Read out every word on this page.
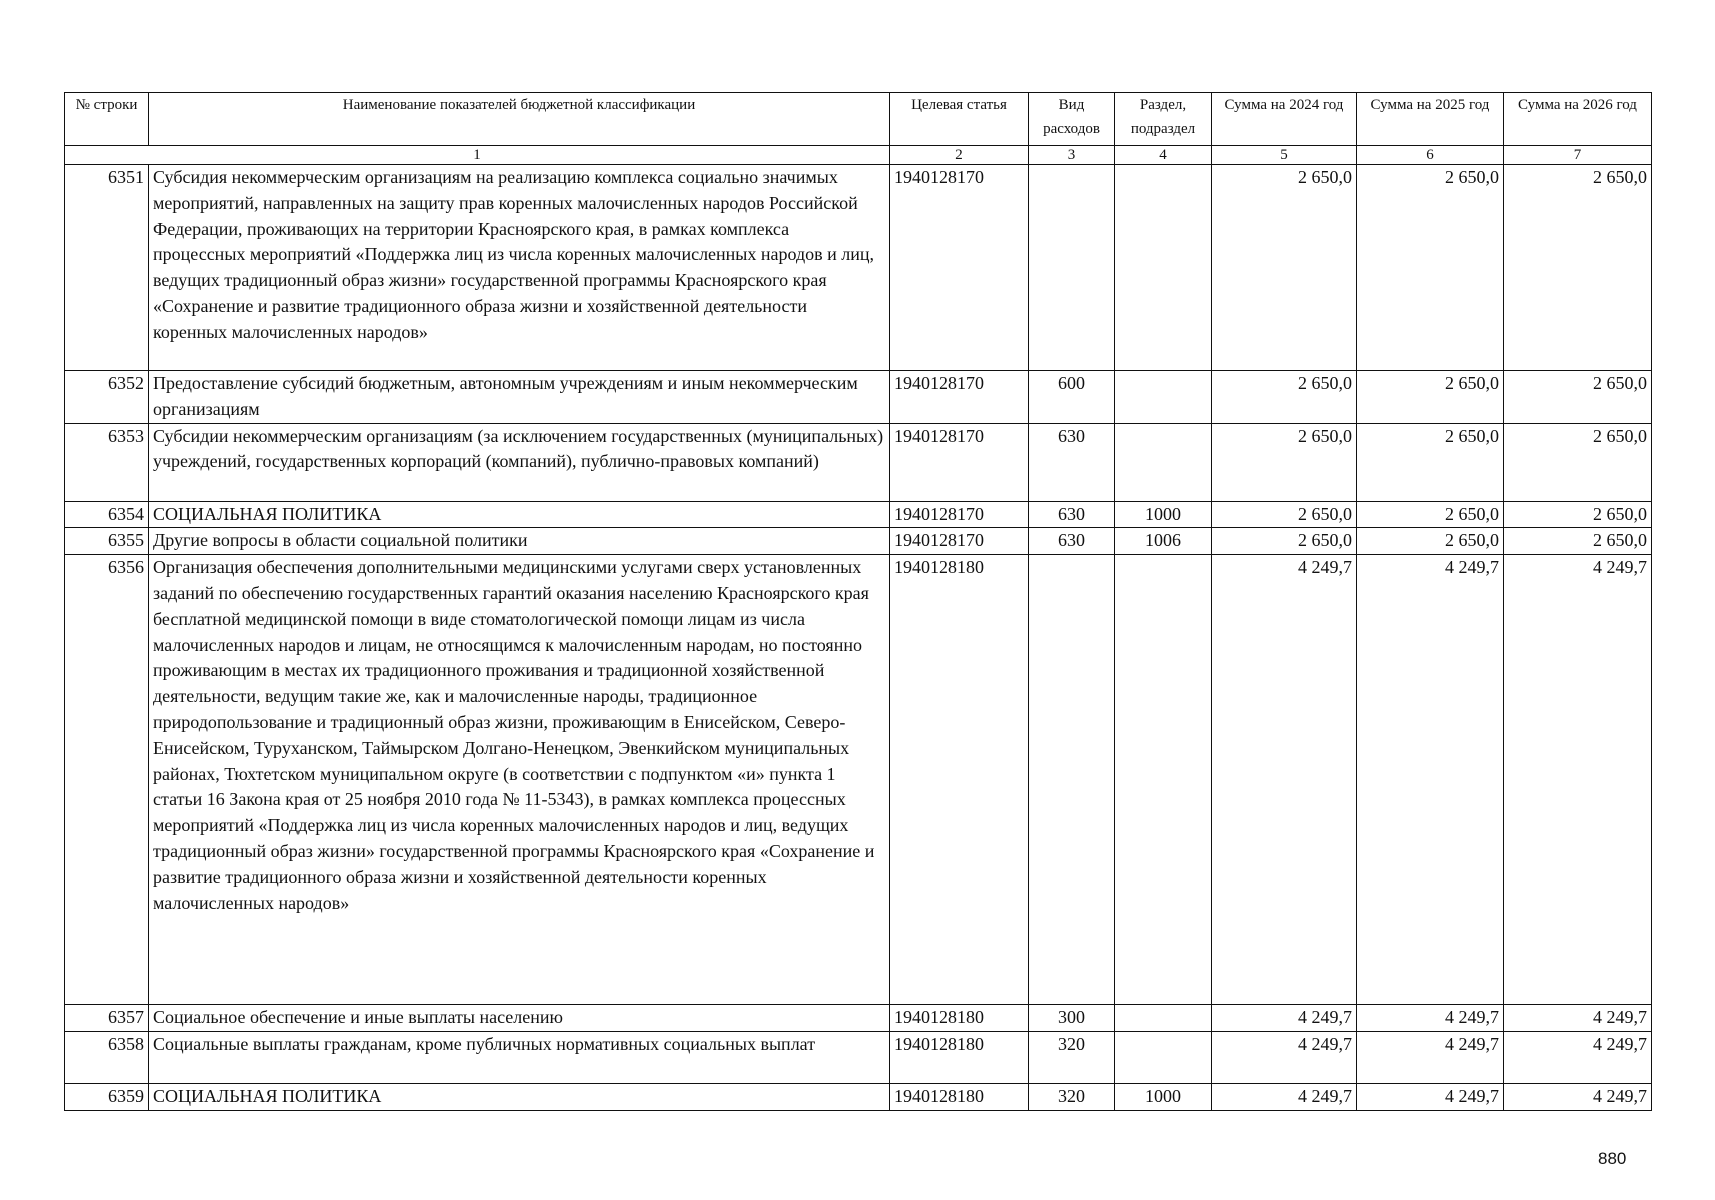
№ строки	Наименование показателей бюджетной классификации	Целевая статья	Вид расходов	Раздел, подраздел	Сумма на 2024 год	Сумма на 2025 год	Сумма на 2026 год
1		2	3	4	5	6	7
6351	Субсидия некоммерческим организациям на реализацию комплекса социально значимых мероприятий, направленных на защиту прав коренных малочисленных народов Российской Федерации, проживающих на территории Красноярского края, в рамках комплекса процессных мероприятий «Поддержка лиц из числа коренных малочисленных народов и лиц, ведущих традиционный образ жизни» государственной программы Красноярского края «Сохранение и развитие традиционного образа жизни и хозяйственной деятельности коренных малочисленных народов»	1940128170			2 650,0	2 650,0	2 650,0
6352	Предоставление субсидий бюджетным, автономным учреждениям и иным некоммерческим организациям	1940128170	600		2 650,0	2 650,0	2 650,0
6353	Субсидии некоммерческим организациям (за исключением государственных (муниципальных) учреждений, государственных корпораций (компаний), публично-правовых компаний)	1940128170	630		2 650,0	2 650,0	2 650,0
6354	СОЦИАЛЬНАЯ ПОЛИТИКА	1940128170	630	1000	2 650,0	2 650,0	2 650,0
6355	Другие вопросы в области социальной политики	1940128170	630	1006	2 650,0	2 650,0	2 650,0
6356	Организация обеспечения дополнительными медицинскими услугами сверх установленных заданий по обеспечению государственных гарантий оказания населению Красноярского края бесплатной медицинской помощи в виде стоматологической помощи лицам из числа малочисленных народов и лицам, не относящимся к малочисленным народам, но постоянно проживающим в местах их традиционного проживания и традиционной хозяйственной деятельности, ведущим такие же, как и малочисленные народы, традиционное природопользование и традиционный образ жизни, проживающим в Енисейском, Северо-Енисейском, Туруханском, Таймырском Долгано-Ненецком, Эвенкийском муниципальных районах, Тюхтетском муниципальном округе (в соответствии с подпунктом «и» пункта 1 статьи 16 Закона края от 25 ноября 2010 года № 11-5343), в рамках комплекса процессных мероприятий «Поддержка лиц из числа коренных малочисленных народов и лиц, ведущих традиционный образ жизни» государственной программы Красноярского края «Сохранение и развитие традиционного образа жизни и хозяйственной деятельности коренных малочисленных народов»	1940128180			4 249,7	4 249,7	4 249,7
6357	Социальное обеспечение и иные выплаты населению	1940128180	300		4 249,7	4 249,7	4 249,7
6358	Социальные выплаты гражданам, кроме публичных нормативных социальных выплат	1940128180	320		4 249,7	4 249,7	4 249,7
6359	СОЦИАЛЬНАЯ ПОЛИТИКА	1940128180	320	1000	4 249,7	4 249,7	4 249,7
880
